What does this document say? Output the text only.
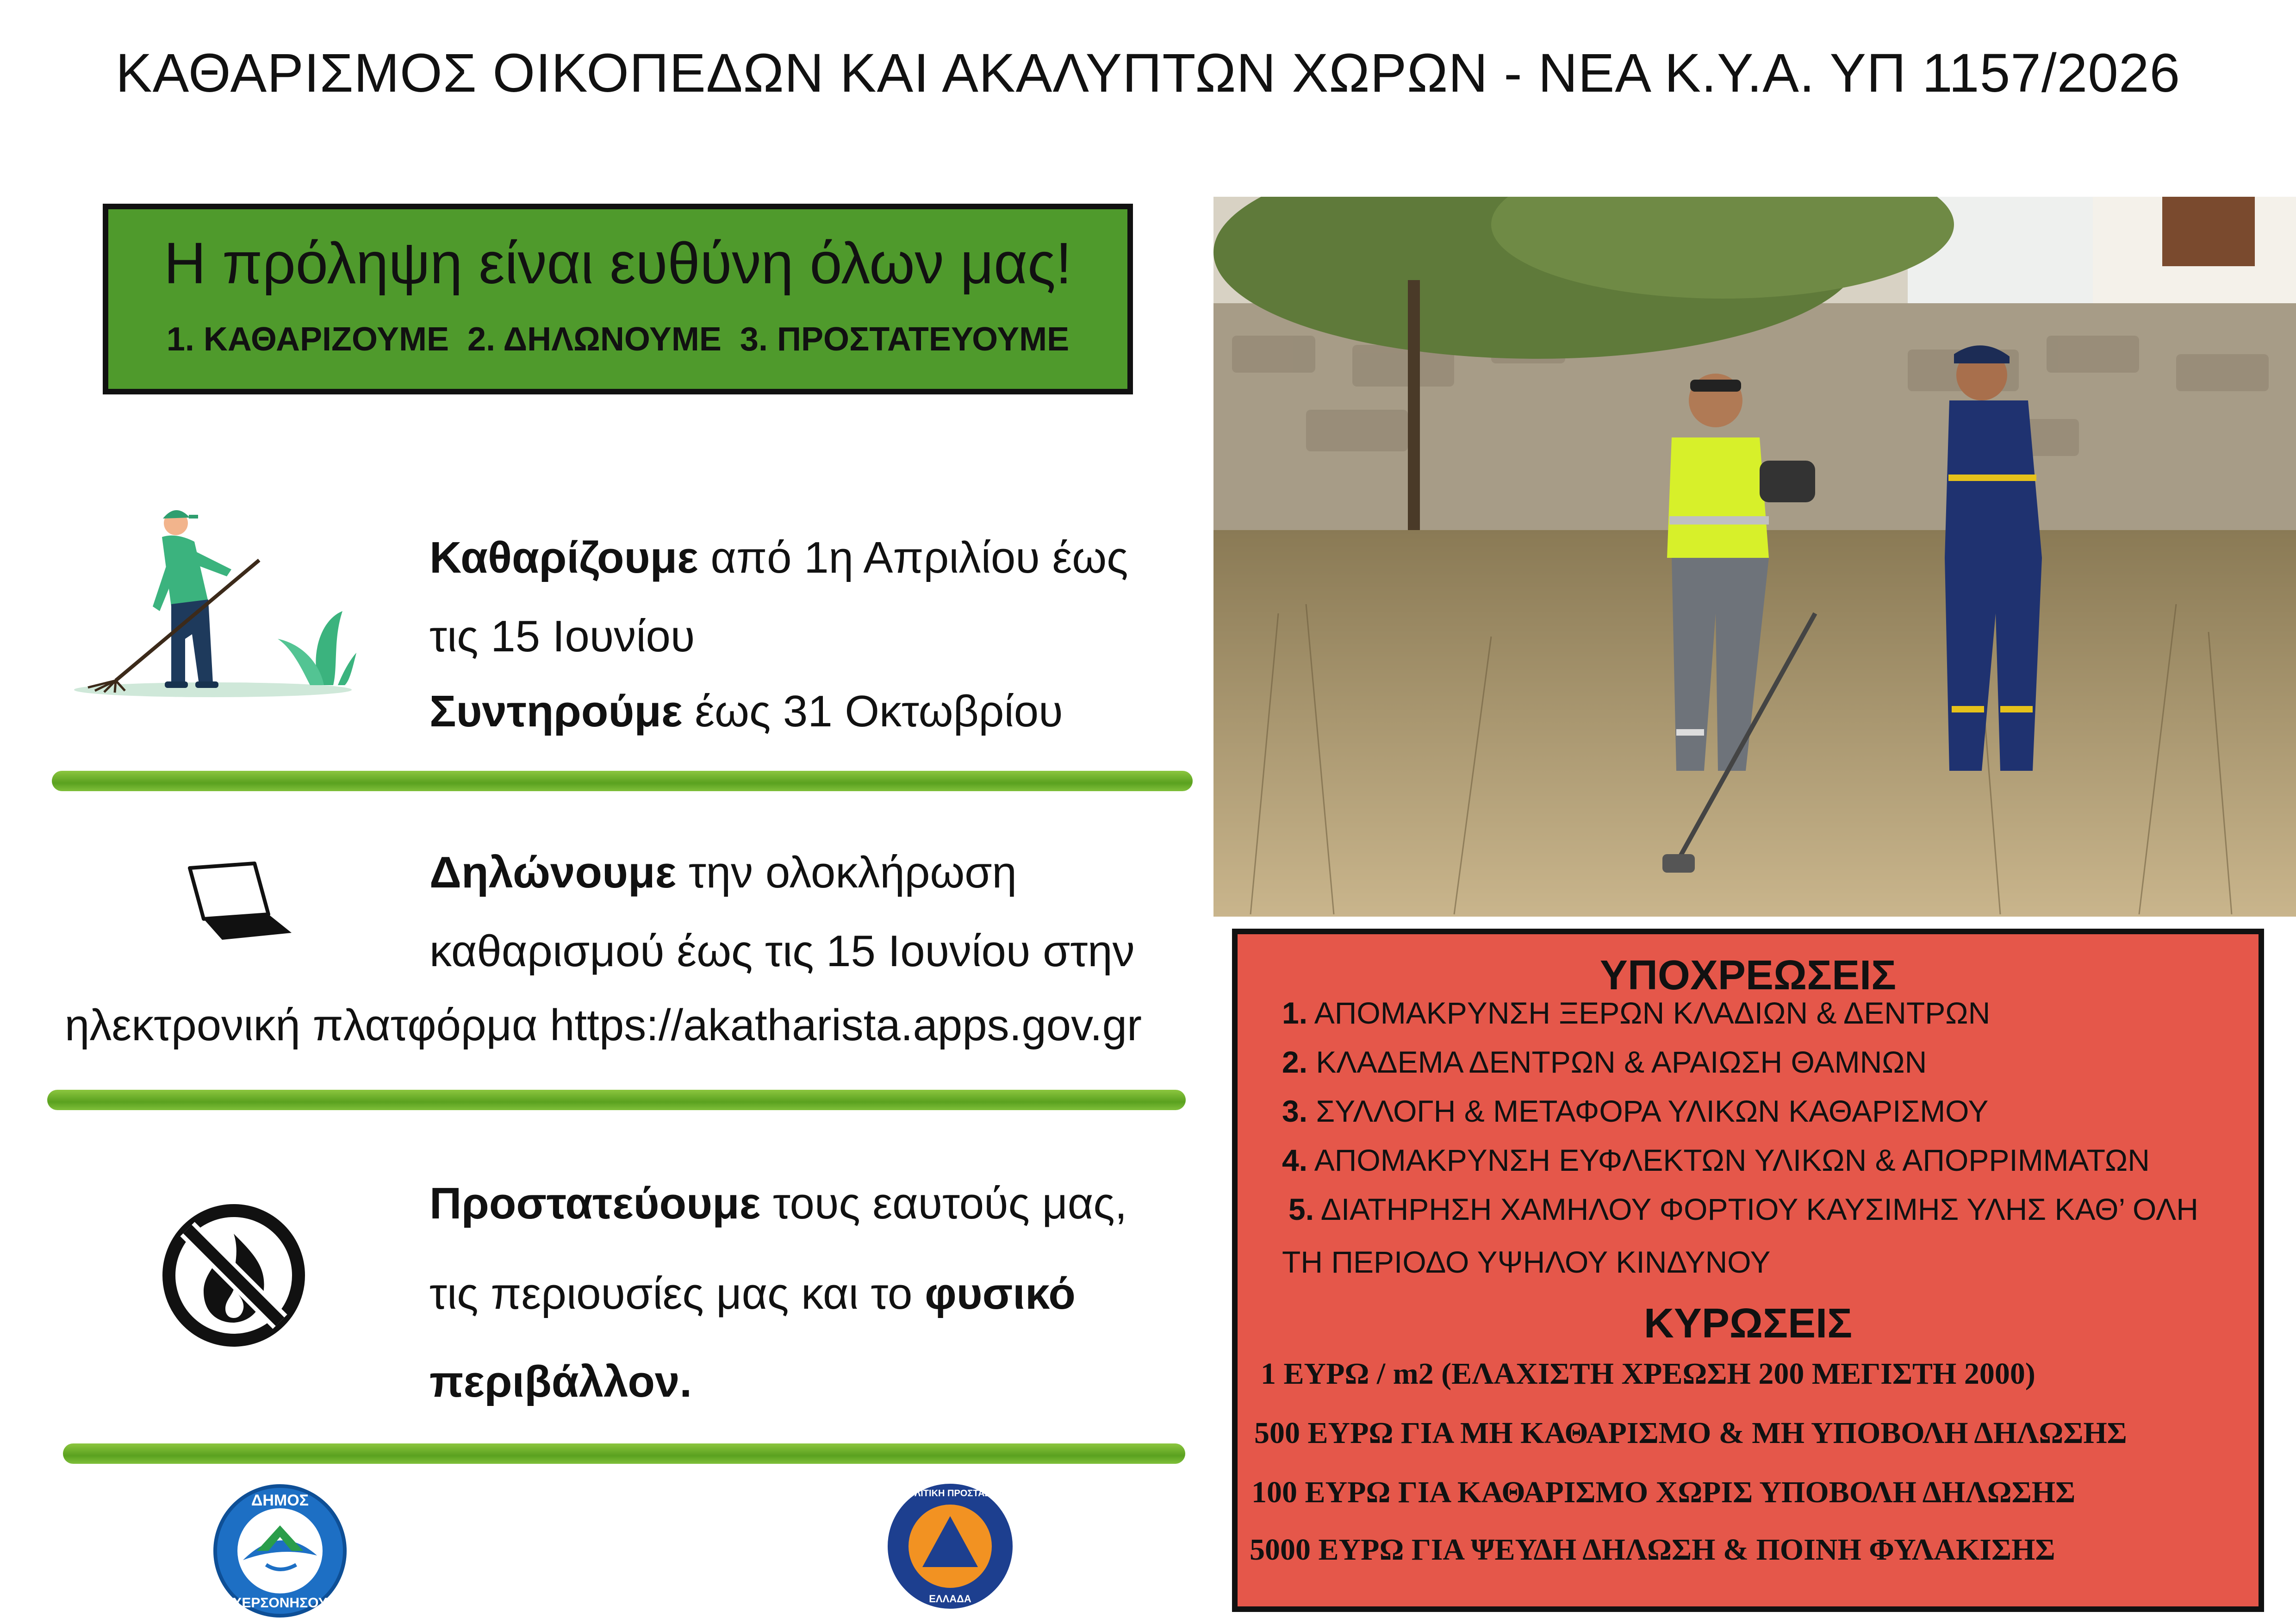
ΚΑΘΑΡΙΣΜΟΣ ΟΙΚΟΠΕΔΩΝ ΚΑΙ ΑΚΑΛΥΠΤΩΝ ΧΩΡΩΝ - ΝΕΑ Κ.Υ.Α. ΥΠ 1157/2026
Η πρόληψη είναι ευθύνη όλων μας!
1. ΚΑΘΑΡΙΖΟΥΜΕ  2. ΔΗΛΩΝΟΥΜΕ  3. ΠΡΟΣΤΑΤΕΥΟΥΜΕ
Καθαρίζουμε από 1η Απριλίου έως
τις 15 Ιουνίου
Συντηρούμε έως 31 Οκτωβρίου
Δηλώνουμε την ολοκλήρωση
καθαρισμού έως τις 15 Ιουνίου στην
ηλεκτρονική πλατφόρμα https://akatharista.apps.gov.gr
Προστατεύουμε τους εαυτούς μας,
τις περιουσίες μας και το φυσικό
περιβάλλον.
ΥΠΟΧΡΕΩΣΕΙΣ
1. ΑΠΟΜΑΚΡΥΝΣΗ ΞΕΡΩΝ ΚΛΑΔΙΩΝ & ΔΕΝΤΡΩΝ
2. ΚΛΑΔΕΜΑ ΔΕΝΤΡΩΝ & ΑΡΑΙΩΣΗ ΘΑΜΝΩΝ
3. ΣΥΛΛΟΓΗ & ΜΕΤΑΦΟΡΑ ΥΛΙΚΩΝ ΚΑΘΑΡΙΣΜΟΥ
4. ΑΠΟΜΑΚΡΥΝΣΗ ΕΥΦΛΕΚΤΩΝ ΥΛΙΚΩΝ & ΑΠΟΡΡΙΜΜΑΤΩΝ
5. ΔΙΑΤΗΡΗΣΗ ΧΑΜΗΛΟΥ ΦΟΡΤΙΟΥ ΚΑΥΣΙΜΗΣ ΥΛΗΣ ΚΑΘ’ ΟΛΗ
ΤΗ ΠΕΡΙΟΔΟ ΥΨΗΛΟΥ ΚΙΝΔΥΝΟΥ
ΚΥΡΩΣΕΙΣ
1 ΕΥΡΩ / m2 (ΕΛΑΧΙΣΤΗ ΧΡΕΩΣΗ 200 ΜΕΓΙΣΤΗ 2000)
500 ΕΥΡΩ ΓΙΑ ΜΗ ΚΑΘΑΡΙΣΜΟ & ΜΗ ΥΠΟΒΟΛΗ ΔΗΛΩΣΗΣ
100 ΕΥΡΩ ΓΙΑ ΚΑΘΑΡΙΣΜΟ ΧΩΡΙΣ ΥΠΟΒΟΛΗ ΔΗΛΩΣΗΣ
5000 ΕΥΡΩ ΓΙΑ ΨΕΥΔΗ ΔΗΛΩΣΗ & ΠΟΙΝΗ ΦΥΛΑΚΙΣΗΣ
ΔΗΜΟΣ
ΧΕΡΣΟΝΗΣΟΥ
ΠΟΛΙΤΙΚΗ ΠΡΟΣΤΑΣΙΑ
ΕΛΛΑΔΑ
